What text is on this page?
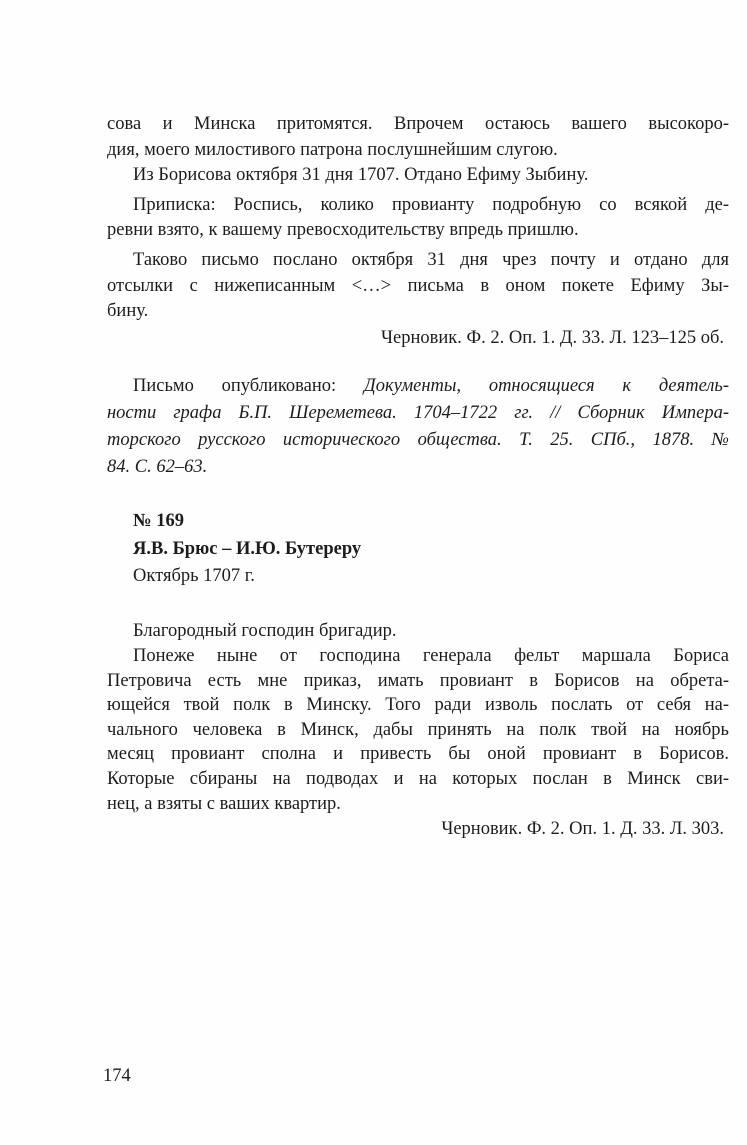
сова и Минска притомятся. Впрочем остаюсь вашего высокоро-
дия, моего милостивого патрона послушнейшим слугою.
Из Борисова октября 31 дня 1707. Отдано Ефиму Зыбину.
Приписка: Роспись, колико провианту подробную со всякой де-
ревни взято, к вашему превосходительству впредь пришлю.
Таково письмо послано октября 31 дня чрез почту и отдано для
отсылки с нижеписанным <…> письма в оном покете Ефиму Зы-
бину.
Черновик. Ф. 2. Оп. 1. Д. 33. Л. 123–125 об.
Письмо опубликовано: Документы, относящиеся к деятель-
ности графа Б.П. Шереметева. 1704–1722 гг. // Сборник Импера-
торского русского исторического общества. Т. 25. СПб., 1878. №
84. С. 62–63.
№ 169
Я.В. Брюс – И.Ю. Бутереру
Октябрь 1707 г.
Благородный господин бригадир.
Понеже ныне от господина генерала фельт маршала Бориса
Петровича есть мне приказ, имать провиант в Борисов на обрета-
ющейся твой полк в Минску. Того ради изволь послать от себя на-
чального человека в Минск, дабы принять на полк твой на ноябрь
месяц провиант сполна и привесть бы оной провиант в Борисов.
Которые сбираны на подводах и на которых послан в Минск сви-
нец, а взяты с ваших квартир.
Черновик. Ф. 2. Оп. 1. Д. 33. Л. 303.
174
